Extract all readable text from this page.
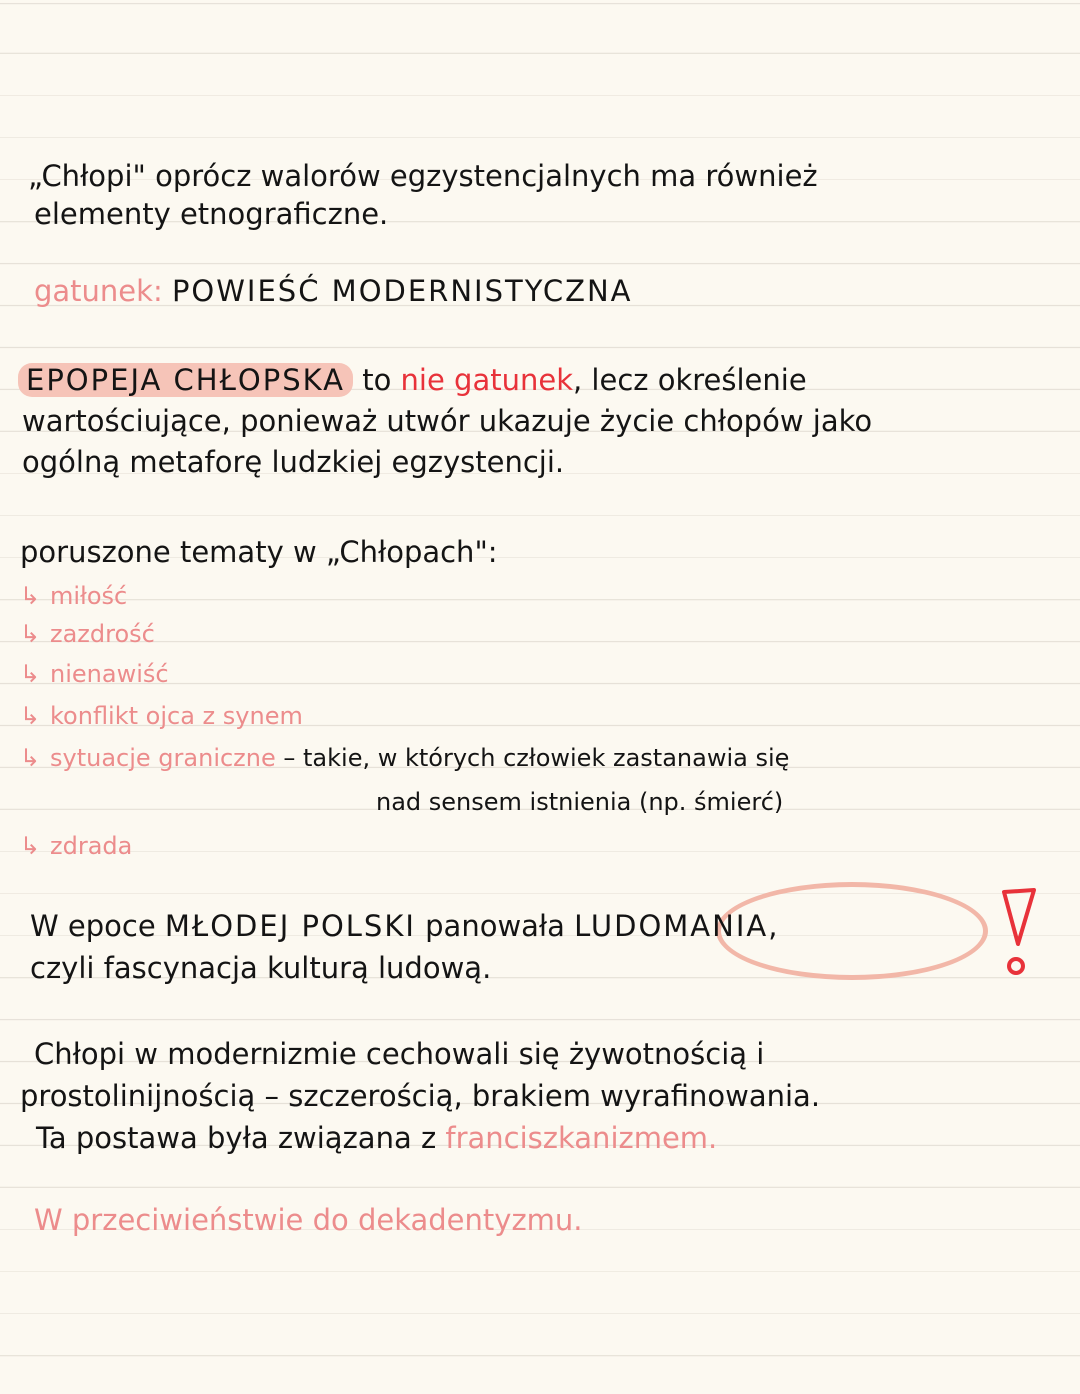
„Chłopi" oprócz walorów egzystencjalnych ma również
elementy etnograficzne.
gatunek: POWIEŚĆ MODERNISTYCZNA
EPOPEJA CHŁOPSKA to nie gatunek, lecz określenie
wartościujące, ponieważ utwór ukazuje życie chłopów jako
ogólną metaforę ludzkiej egzystencji.
poruszone tematy w „Chłopach":
↳ miłość
↳ zazdrość
↳ nienawiść
↳ konflikt ojca z synem
↳ sytuacje graniczne – takie, w których człowiek zastanawia się
nad sensem istnienia (np. śmierć)
↳ zdrada
W epoce MŁODEJ POLSKI panowała LUDOMANIA,
czyli fascynacja kulturą ludową.
Chłopi w modernizmie cechowali się żywotnością i
prostolinijnością – szczerością, brakiem wyrafinowania.
Ta postawa była związana z franciszkanizmem.
W przeciwieństwie do dekadentyzmu.
